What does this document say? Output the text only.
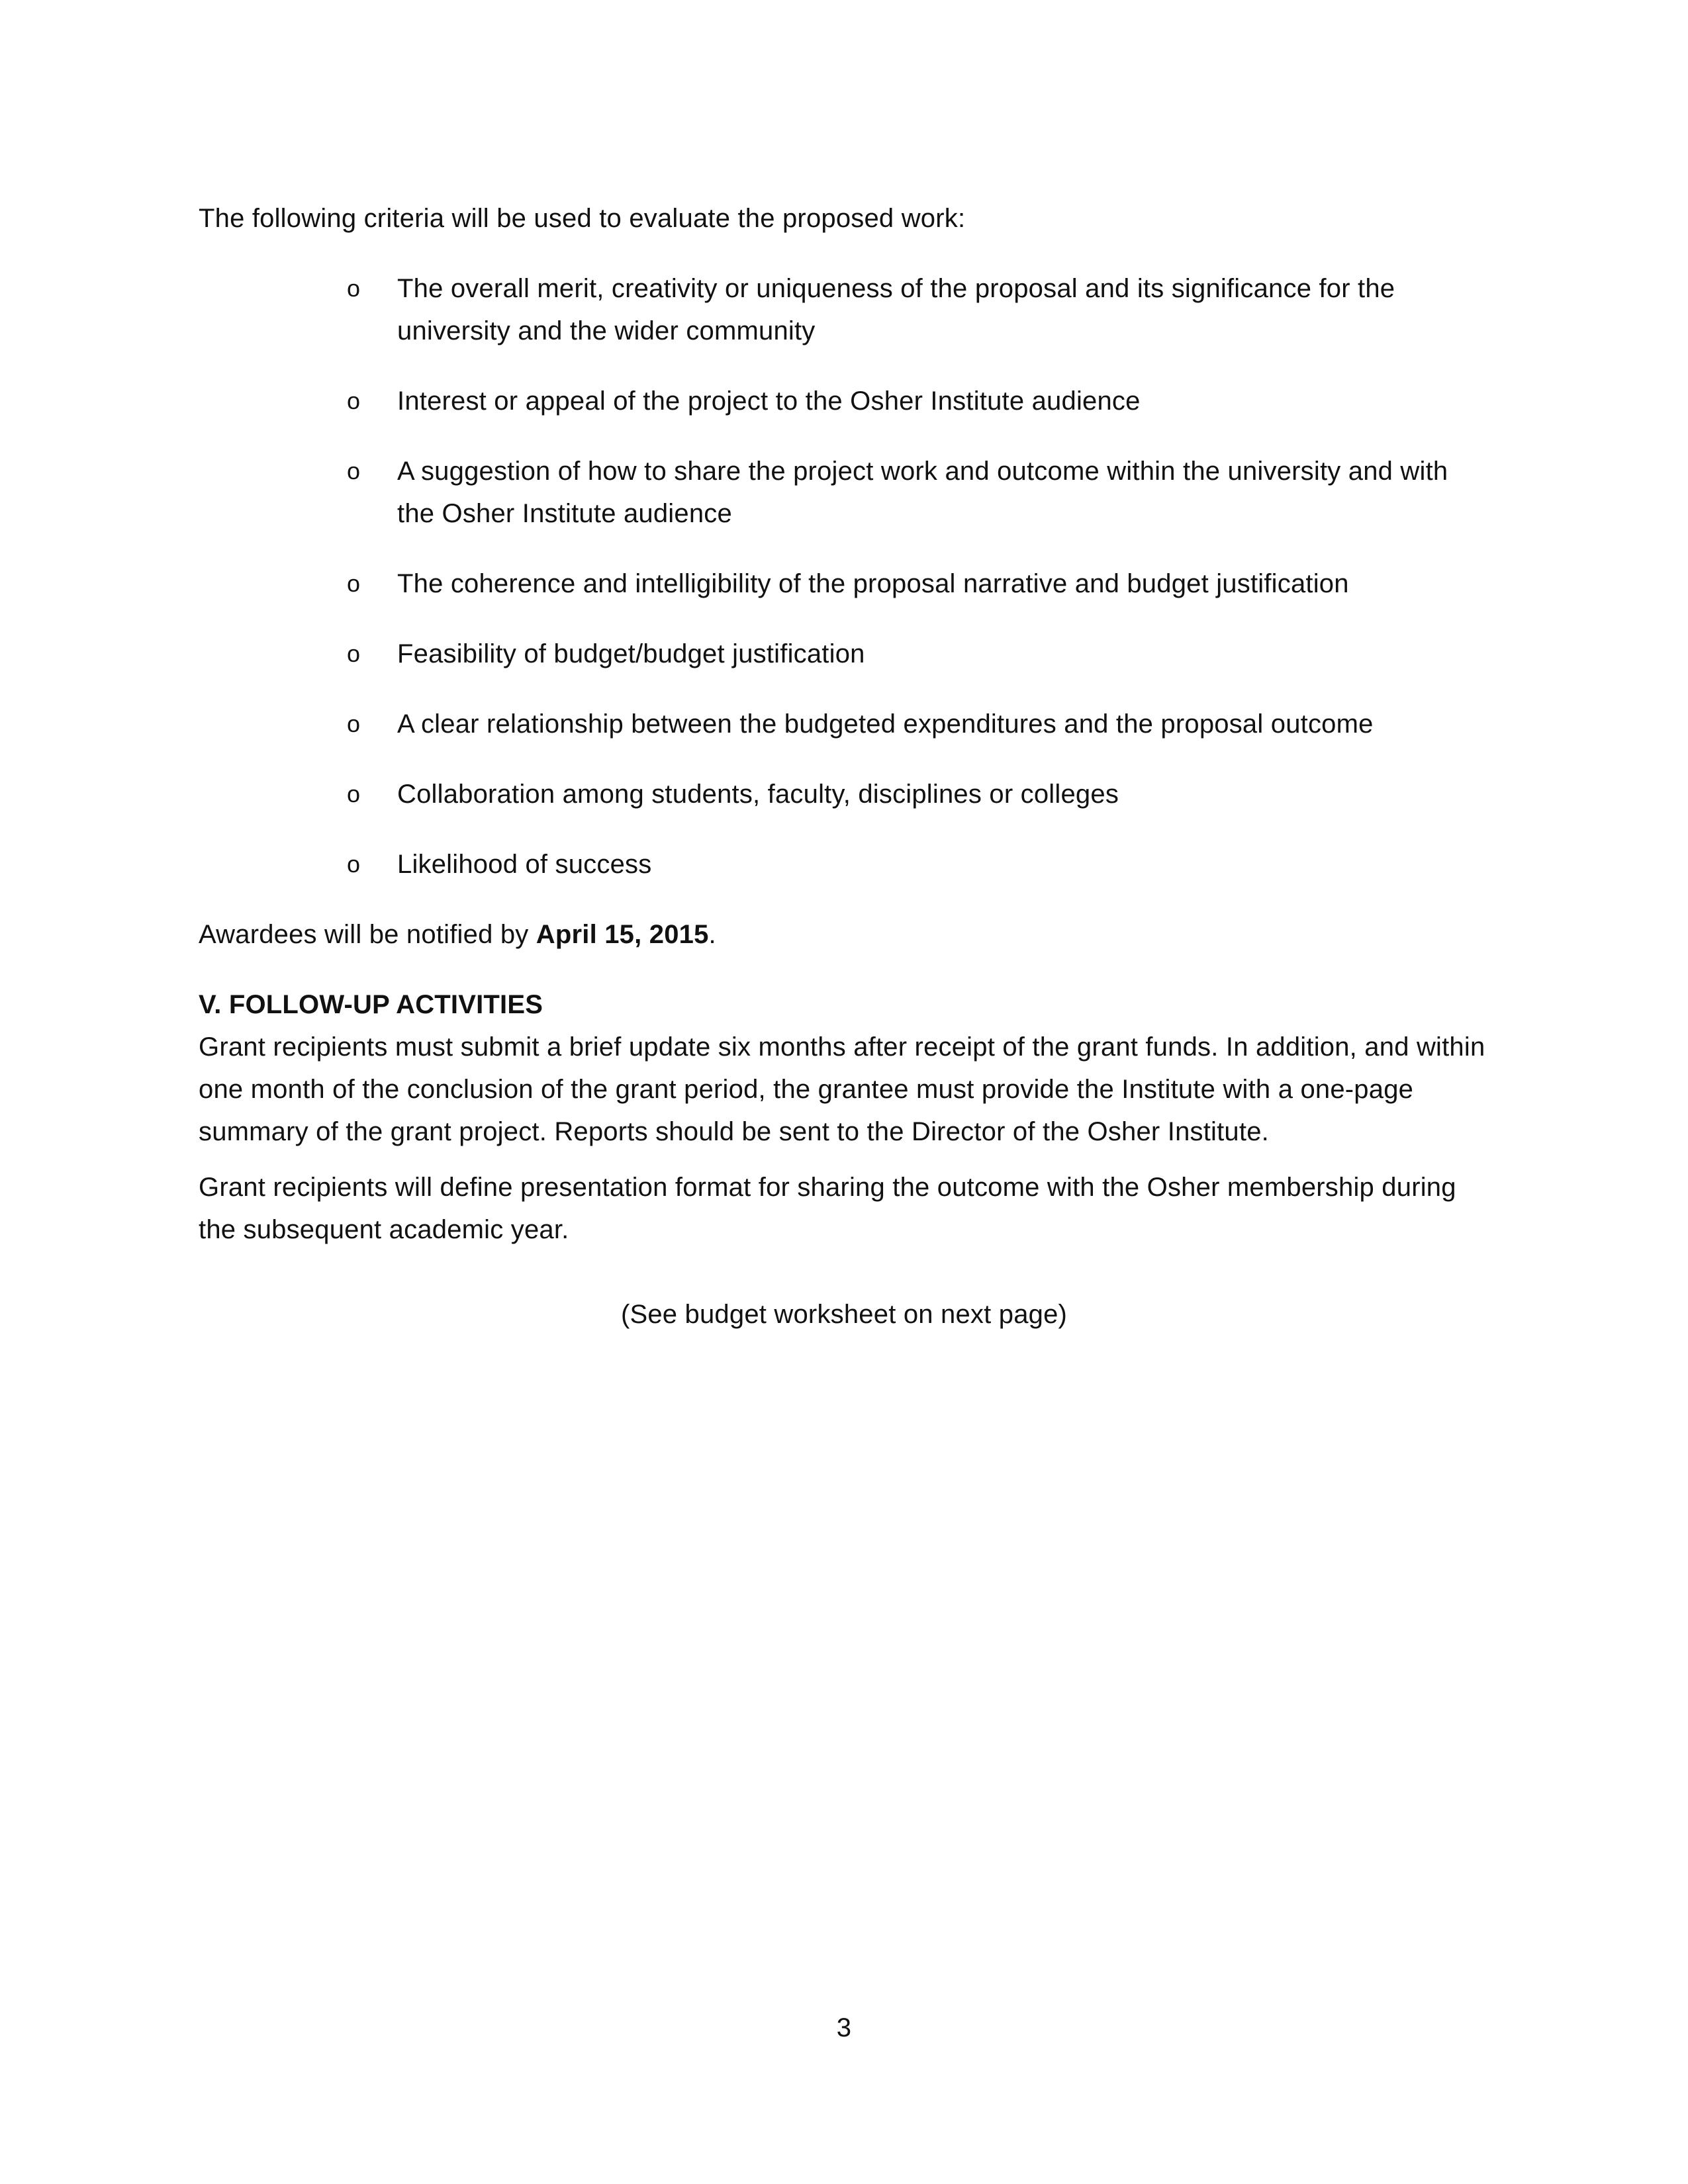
The following criteria will be used to evaluate the proposed work:

o	The overall merit, creativity or uniqueness of the proposal and its significance for the university and the wider community
o	Interest or appeal of the project to the Osher Institute audience
o	A suggestion of how to share the project work and outcome within the university and with the Osher Institute audience
o	The coherence and intelligibility of the proposal narrative and budget justification
o	Feasibility of budget/budget justification
o	A clear relationship between the budgeted expenditures and the proposal outcome
o	Collaboration among students, faculty, disciplines or colleges
o	Likelihood of success

Awardees will be notified by April 15, 2015.

V. FOLLOW-UP ACTIVITIES

Grant recipients must submit a brief update six months after receipt of the grant funds. In addition, and within one month of the conclusion of the grant period, the grantee must provide the Institute with a one-page summary of the grant project. Reports should be sent to the Director of the Osher Institute.

Grant recipients will define presentation format for sharing the outcome with the Osher membership during the subsequent academic year.

(See budget worksheet on next page)

3
